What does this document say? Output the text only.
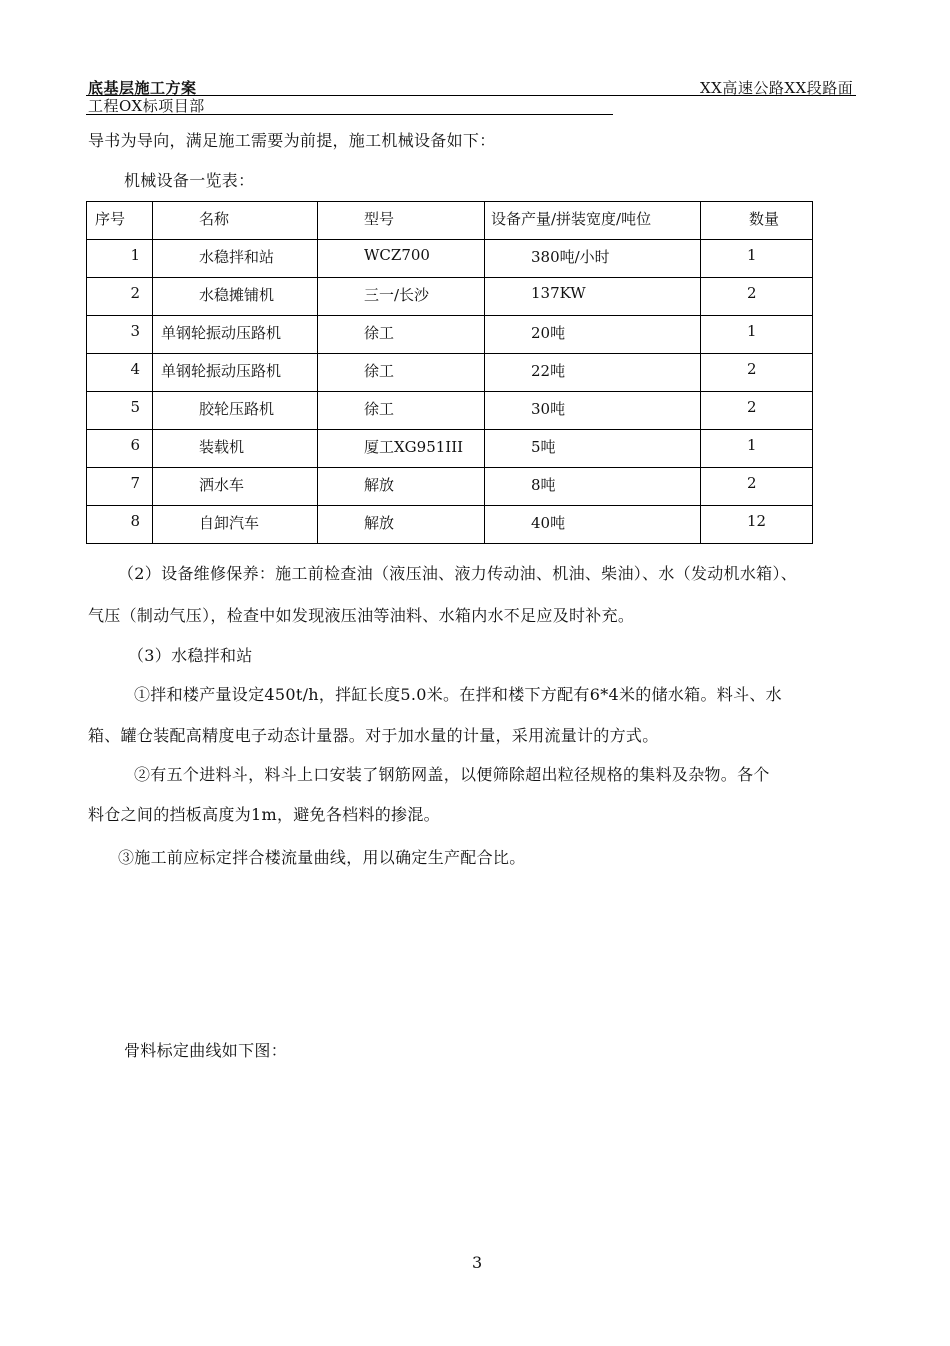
底基层施工方案	XX高速公路XX段路面
工程OX标项目部
导书为导向，满足施工需要为前提，施工机械设备如下：
机械设备一览表：
序号	名称	型号	设备产量/拼装宽度/吨位	数量
1	水稳拌和站	WCZ700	380吨/小时	1
2	水稳摊铺机	三一/长沙	137KW	2
3	单钢轮振动压路机	徐工	20吨	1
4	单钢轮振动压路机	徐工	22吨	2
5	胶轮压路机	徐工	30吨	2
6	装载机	厦工XG951III	5吨	1
7	洒水车	解放	8吨	2
8	自卸汽车	解放	40吨	12
（2）设备维修保养：施工前检查油（液压油、液力传动油、机油、柴油）、水（发动机水箱）、
气压（制动气压），检查中如发现液压油等油料、水箱内水不足应及时补充。
（3）水稳拌和站
①拌和楼产量设定450t/h，拌缸长度5.0米。在拌和楼下方配有6*4米的储水箱。料斗、水
箱、罐仓装配高精度电子动态计量器。对于加水量的计量，采用流量计的方式。
②有五个进料斗，料斗上口安装了钢筋网盖，以便筛除超出粒径规格的集料及杂物。各个
料仓之间的挡板高度为1m，避免各档料的掺混。
③施工前应标定拌合楼流量曲线，用以确定生产配合比。
骨料标定曲线如下图：
3
